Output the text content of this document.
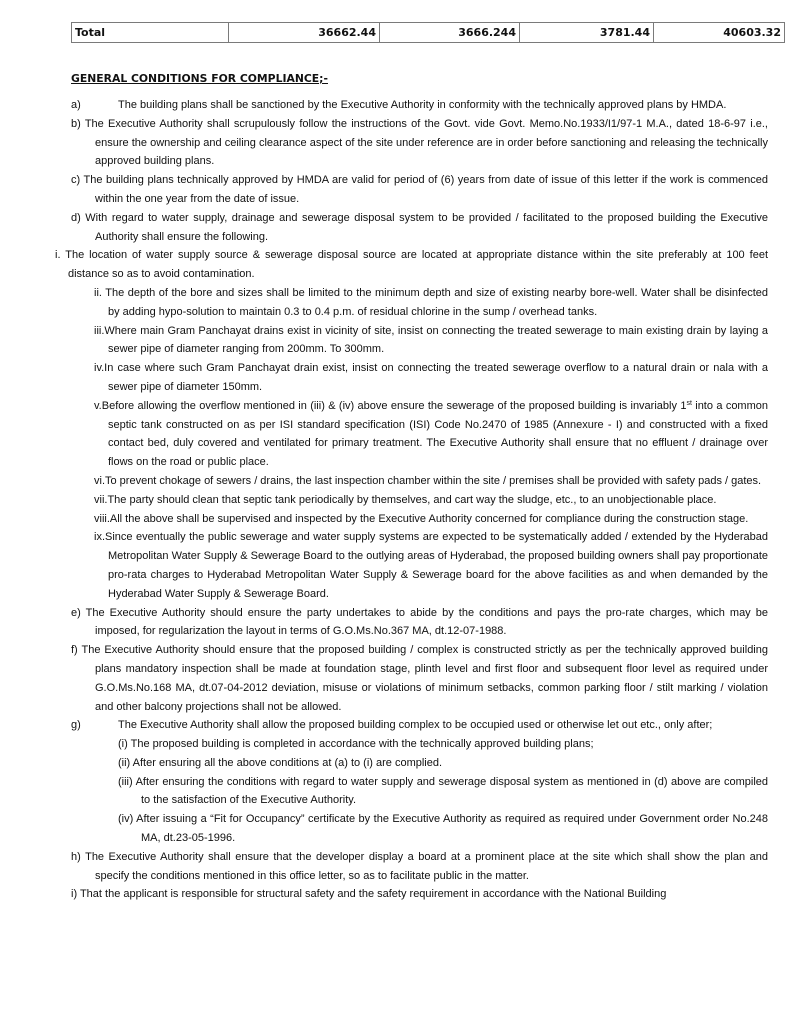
Total	36662.44	3666.244	3781.44	40603.32
GENERAL CONDITIONS FOR COMPLIANCE;-

a)	The building plans shall be sanctioned by the Executive Authority in conformity with the technically approved plans by HMDA.

b) The Executive Authority shall scrupulously follow the instructions of the Govt. vide Govt. Memo.No.1933/I1/97-1 M.A., dated 18-6-97 i.e., ensure the ownership and ceiling clearance aspect of the site under reference are in order before sanctioning and releasing the technically approved building plans.

c) The building plans technically approved by HMDA are valid for period of (6) years from date of issue of this letter if the work is commenced within the one year from the date of issue.

d) With regard to water supply, drainage and sewerage disposal system to be provided / facilitated to the proposed building the Executive Authority shall ensure the following.

i. The location of water supply source & sewerage disposal source are located at appropriate distance within the site preferably at 100 feet distance so as to avoid contamination.

ii. The depth of the bore and sizes shall be limited to the minimum depth and size of existing nearby bore-well. Water shall be disinfected by adding hypo-solution to maintain 0.3 to 0.4 p.m. of residual chlorine in the sump / overhead tanks.

iii.Where main Gram Panchayat drains exist in vicinity of site, insist on connecting the treated sewerage to main existing drain by laying a sewer pipe of diameter ranging from 200mm. To 300mm.

iv.In case where such Gram Panchayat drain exist, insist on connecting the treated sewerage overflow to a natural drain or nala with a sewer pipe of diameter 150mm.

v.Before allowing the overflow mentioned in (iii) & (iv) above ensure the sewerage of the proposed building is invariably 1st into a common septic tank constructed on as per ISI standard specification (ISI) Code No.2470 of 1985 (Annexure - I) and constructed with a fixed contact bed, duly covered and ventilated for primary treatment. The Executive Authority shall ensure that no effluent / drainage over flows on the road or public place.

vi.To prevent chokage of sewers / drains, the last inspection chamber within the site / premises shall be provided with safety pads / gates.

vii.The party should clean that septic tank periodically by themselves, and cart way the sludge, etc., to an unobjectionable place.

viii.All the above shall be supervised and inspected by the Executive Authority concerned for compliance during the construction stage.

ix.Since eventually the public sewerage and water supply systems are expected to be systematically added / extended by the Hyderabad Metropolitan Water Supply & Sewerage Board to the outlying areas of Hyderabad, the proposed building owners shall pay proportionate pro-rata charges to Hyderabad Metropolitan Water Supply & Sewerage board for the above facilities as and when demanded by the Hyderabad Water Supply & Sewerage Board.

e) The Executive Authority should ensure the party undertakes to abide by the conditions and pays the pro-rate charges, which may be imposed, for regularization the layout in terms of G.O.Ms.No.367 MA, dt.12-07-1988.

f) The Executive Authority should ensure that the proposed building / complex is constructed strictly as per the technically approved building plans mandatory inspection shall be made at foundation stage, plinth level and first floor and subsequent floor level as required under G.O.Ms.No.168 MA, dt.07-04-2012 deviation, misuse or violations of minimum setbacks, common parking floor / stilt marking / violation and other balcony projections shall not be allowed.

g)	The Executive Authority shall allow the proposed building complex to be occupied used or otherwise let out etc., only after;

(i) The proposed building is completed in accordance with the technically approved building plans;

(ii) After ensuring all the above conditions at (a) to (i) are complied.

(iii) After ensuring the conditions with regard to water supply and sewerage disposal system as mentioned in (d) above are compiled to the satisfaction of the Executive Authority.

(iv) After issuing a “Fit for Occupancy” certificate by the Executive Authority as required as required under Government order No.248 MA, dt.23-05-1996.

h) The Executive Authority shall ensure that the developer display a board at a prominent place at the site which shall show the plan and specify the conditions mentioned in this office letter, so as to facilitate public in the matter.

i) That the applicant is responsible for structural safety and the safety requirement in accordance with the National Building
